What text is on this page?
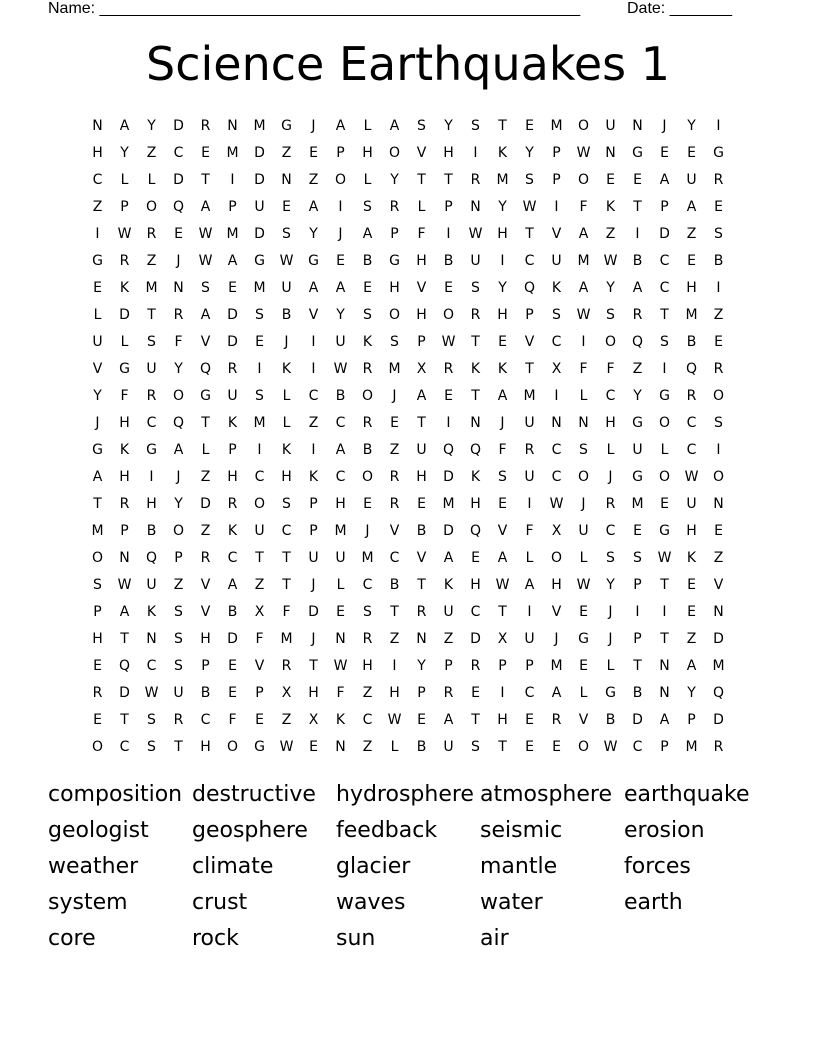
Name: ______________________________________________________	Date: _______
Science Earthquakes 1
N	A	Y	D	R	N	M	G	J	A	L	A	S	Y	S	T	E	M	O	U	N	J	Y	I
H	Y	Z	C	E	M	D	Z	E	P	H	O	V	H	I	K	Y	P	W	N	G	E	E	G
C	L	L	D	T	I	D	N	Z	O	L	Y	T	T	R	M	S	P	O	E	E	A	U	R
Z	P	O	Q	A	P	U	E	A	I	S	R	L	P	N	Y	W	I	F	K	T	P	A	E
I	W	R	E	W	M	D	S	Y	J	A	P	F	I	W	H	T	V	A	Z	I	D	Z	S
G	R	Z	J	W	A	G	W	G	E	B	G	H	B	U	I	C	U	M	W	B	C	E	B
E	K	M	N	S	E	M	U	A	A	E	H	V	E	S	Y	Q	K	A	Y	A	C	H	I
L	D	T	R	A	D	S	B	V	Y	S	O	H	O	R	H	P	S	W	S	R	T	M	Z
U	L	S	F	V	D	E	J	I	U	K	S	P	W	T	E	V	C	I	O	Q	S	B	E
V	G	U	Y	Q	R	I	K	I	W	R	M	X	R	K	K	T	X	F	F	Z	I	Q	R
Y	F	R	O	G	U	S	L	C	B	O	J	A	E	T	A	M	I	L	C	Y	G	R	O
J	H	C	Q	T	K	M	L	Z	C	R	E	T	I	N	J	U	N	N	H	G	O	C	S
G	K	G	A	L	P	I	K	I	A	B	Z	U	Q	Q	F	R	C	S	L	U	L	C	I
A	H	I	J	Z	H	C	H	K	C	O	R	H	D	K	S	U	C	O	J	G	O	W	O
T	R	H	Y	D	R	O	S	P	H	E	R	E	M	H	E	I	W	J	R	M	E	U	N
M	P	B	O	Z	K	U	C	P	M	J	V	B	D	Q	V	F	X	U	C	E	G	H	E
O	N	Q	P	R	C	T	T	U	U	M	C	V	A	E	A	L	O	L	S	S	W	K	Z
S	W	U	Z	V	A	Z	T	J	L	C	B	T	K	H	W	A	H	W	Y	P	T	E	V
P	A	K	S	V	B	X	F	D	E	S	T	R	U	C	T	I	V	E	J	I	I	E	N
H	T	N	S	H	D	F	M	J	N	R	Z	N	Z	D	X	U	J	G	J	P	T	Z	D
E	Q	C	S	P	E	V	R	T	W	H	I	Y	P	R	P	P	M	E	L	T	N	A	M
R	D	W	U	B	E	P	X	H	F	Z	H	P	R	E	I	C	A	L	G	B	N	Y	Q
E	T	S	R	C	F	E	Z	X	K	C	W	E	A	T	H	E	R	V	B	D	A	P	D
O	C	S	T	H	O	G	W	E	N	Z	L	B	U	S	T	E	E	O	W	C	P	M	R
composition destructive hydrosphere atmosphere earthquake
geologist	geosphere	feedback	seismic	erosion
weather	climate	glacier	mantle	forces
system	crust	waves	water	earth
core	rock	sun	air
